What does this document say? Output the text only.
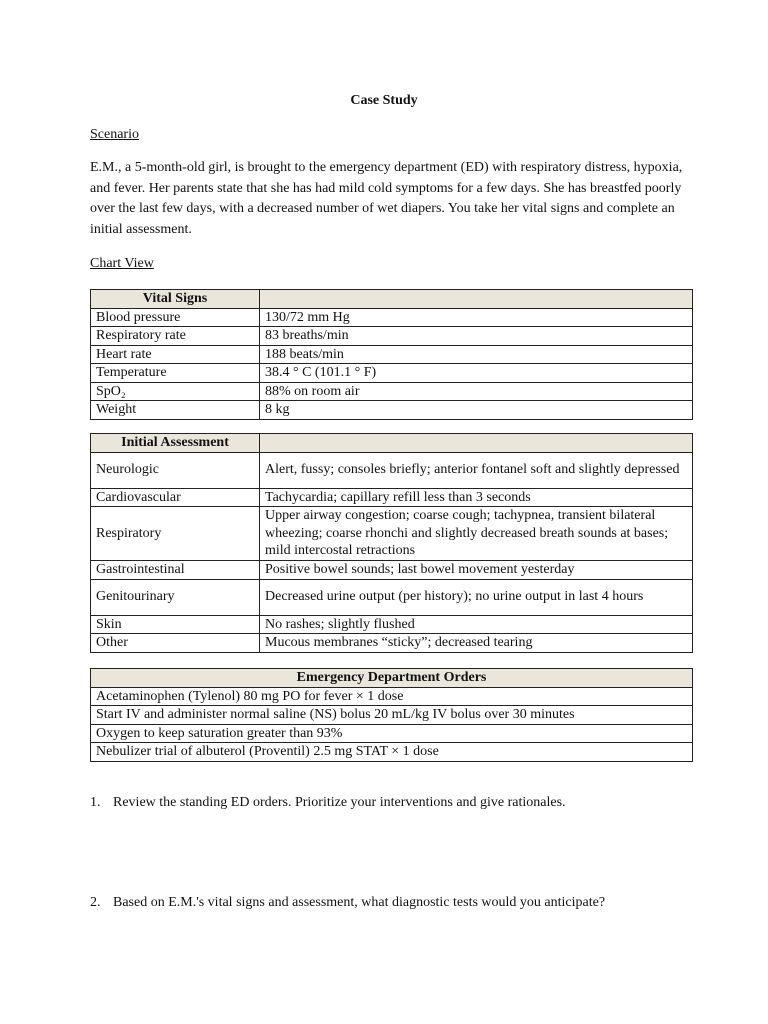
Case Study
Scenario
E.M., a 5-month-old girl, is brought to the emergency department (ED) with respiratory distress, hypoxia, and fever. Her parents state that she has had mild cold symptoms for a few days. She has breastfed poorly over the last few days, with a decreased number of wet diapers. You take her vital signs and complete an initial assessment.
Chart View
Vital Signs	
Blood pressure	130/72 mm Hg
Respiratory rate	83 breaths/min
Heart rate	188 beats/min
Temperature	38.4 ° C (101.1 ° F)
SpO₂	88% on room air
Weight	8 kg
Initial Assessment	
Neurologic	Alert, fussy; consoles briefly; anterior fontanel soft and slightly depressed
Cardiovascular	Tachycardia; capillary refill less than 3 seconds
Respiratory	Upper airway congestion; coarse cough; tachypnea, transient bilateral wheezing; coarse rhonchi and slightly decreased breath sounds at bases; mild intercostal retractions
Gastrointestinal	Positive bowel sounds; last bowel movement yesterday
Genitourinary	Decreased urine output (per history); no urine output in last 4 hours
Skin	No rashes; slightly flushed
Other	Mucous membranes “sticky”; decreased tearing
Emergency Department Orders
Acetaminophen (Tylenol) 80 mg PO for fever × 1 dose
Start IV and administer normal saline (NS) bolus 20 mL/kg IV bolus over 30 minutes
Oxygen to keep saturation greater than 93%
Nebulizer trial of albuterol (Proventil) 2.5 mg STAT × 1 dose
1. Review the standing ED orders. Prioritize your interventions and give rationales.
2. Based on E.M.'s vital signs and assessment, what diagnostic tests would you anticipate?
